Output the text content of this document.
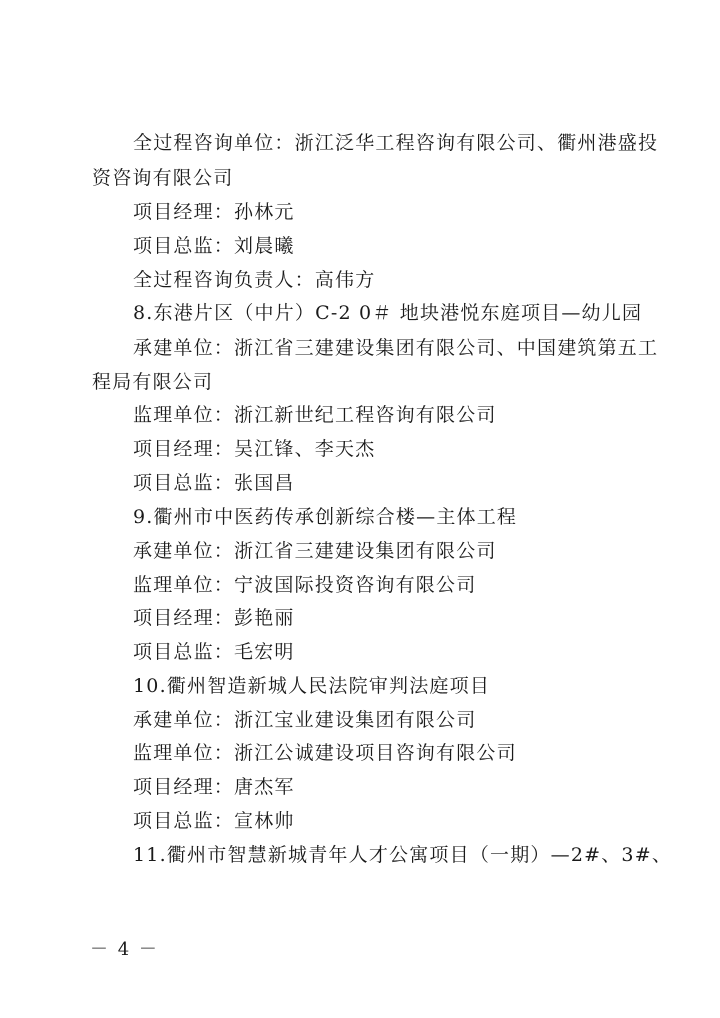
全过程咨询单位：浙江泛华工程咨询有限公司、衢州港盛投
资咨询有限公司
项目经理：孙林元
项目总监：刘晨曦
全过程咨询负责人：高伟方
8.东港片区（中片）C-2 0＃ 地块港悦东庭项目—幼儿园
承建单位：浙江省三建建设集团有限公司、中国建筑第五工
程局有限公司
监理单位：浙江新世纪工程咨询有限公司
项目经理：吴江锋、李天杰
项目总监：张国昌
9.衢州市中医药传承创新综合楼—主体工程
承建单位：浙江省三建建设集团有限公司
监理单位：宁波国际投资咨询有限公司
项目经理：彭艳丽
项目总监：毛宏明
10.衢州智造新城人民法院审判法庭项目
承建单位：浙江宝业建设集团有限公司
监理单位：浙江公诚建设项目咨询有限公司
项目经理：唐杰军
项目总监：宣林帅
11.衢州市智慧新城青年人才公寓项目（一期）—2#、3#、
－ 4 －
